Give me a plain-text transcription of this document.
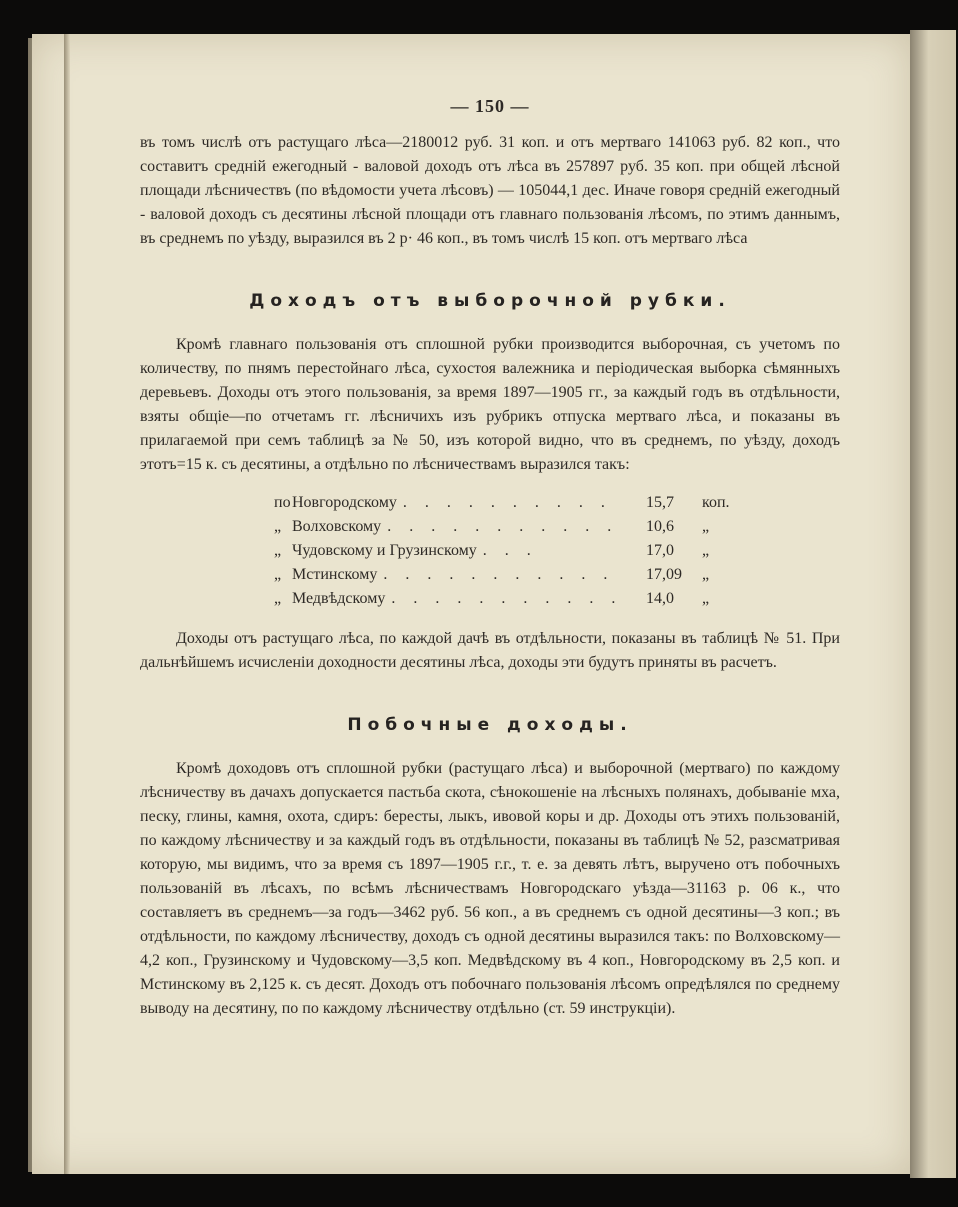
— 150 —

въ томъ числѣ отъ растущаго лѣса—2180012 руб. 31 коп. и отъ мертваго 141063 руб. 82 коп., что составитъ средній ежегодный - валовой доходъ отъ лѣса въ 257897 руб. 35 коп. при общей лѣсной площади лѣсничествъ (по вѣдомости учета лѣсовъ) — 105044,1 дес. Иначе говоря средній ежегодный - валовой доходъ съ десятины лѣсной площади отъ главнаго пользованія лѣсомъ, по этимъ даннымъ, въ среднемъ по уѣзду, выразился въ 2 р· 46 коп., въ томъ числѣ 15 коп. отъ мертваго лѣса

Доходъ отъ выборочной рубки.

Кромѣ главнаго пользованія отъ сплошной рубки производится выборочная, съ учетомъ по количеству, по пнямъ перестойнаго лѣса, сухостоя валежника и періодическая выборка сѣмянныхъ деревьевъ. Доходы отъ этого пользованія, за время 1897—1905 гг., за каждый годъ въ отдѣльности, взяты общіе—по отчетамъ гг. лѣсничихъ изъ рубрикъ отпуска мертваго лѣса, и показаны въ прилагаемой при семъ таблицѣ за № 50, изъ которой видно, что въ среднемъ, по уѣзду, доходъ этотъ=15 к. съ десятины, а отдѣльно по лѣсничествамъ выразился такъ:

по Новгородскому . . . . . . . . . .	15,7	коп.
„ Волховскому . . . . . . . . . . .	10,6	„
„ Чудовскому и Грузинскому . . .	17,0	„
„ Мстинскому . . . . . . . . . . .	17,09	„
„ Медвѣдскому . . . . . . . . . . .	14,0	„

Доходы отъ растущаго лѣса, по каждой дачѣ въ отдѣльности, показаны въ таблицѣ № 51. При дальнѣйшемъ исчисленіи доходности десятины лѣса, доходы эти будутъ приняты въ расчетъ.

Побочные доходы.

Кромѣ доходовъ отъ сплошной рубки (растущаго лѣса) и выборочной (мертваго) по каждому лѣсничеству въ дачахъ допускается пастьба скота, сѣнокошеніе на лѣсныхъ полянахъ, добываніе мха, песку, глины, камня, охота, сдиръ: бересты, лыкъ, ивовой коры и др. Доходы отъ этихъ пользованій, по каждому лѣсничеству и за каждый годъ въ отдѣльности, показаны въ таблицѣ № 52, разсматривая которую, мы видимъ, что за время съ 1897—1905 г.г., т. е. за девять лѣтъ, выручено отъ побочныхъ пользованій въ лѣсахъ, по всѣмъ лѣсничествамъ Новгородскаго уѣзда—31163 р. 06 к., что составляетъ въ среднемъ—за годъ—3462 руб. 56 коп., а въ среднемъ съ одной десятины—3 коп.; въ отдѣльности, по каждому лѣсничеству, доходъ съ одной десятины выразился такъ: по Волховскому—4,2 коп., Грузинскому и Чудовскому—3,5 коп. Медвѣдскому въ 4 коп., Новгородскому въ 2,5 коп. и Мстинскому въ 2,125 к. съ десят. Доходъ отъ побочнаго пользованія лѣсомъ опредѣлялся по среднему выводу на десятину, по по каждому лѣсничеству отдѣльно (ст. 59 инструкціи).
